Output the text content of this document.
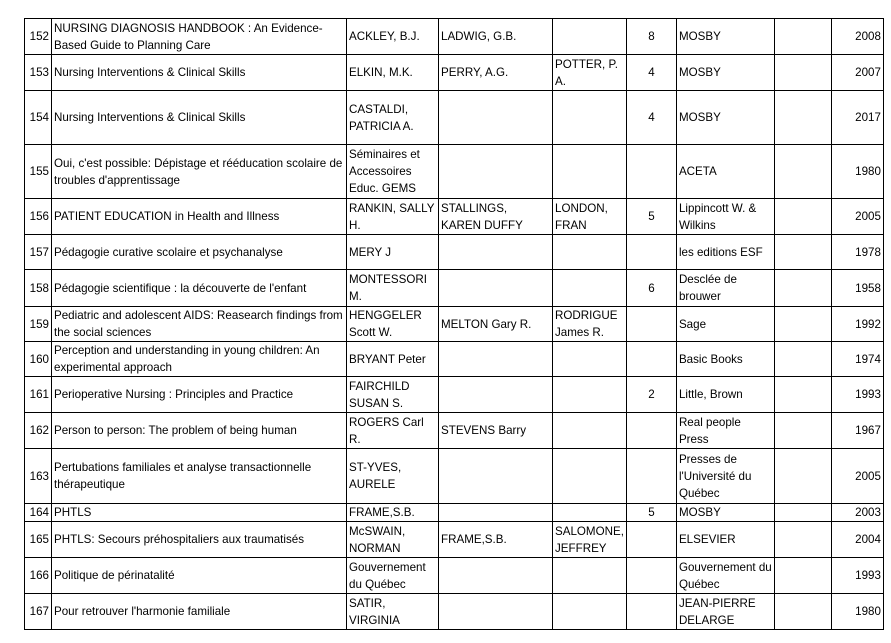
152	NURSING DIAGNOSIS HANDBOOK : An Evidence-Based Guide to Planning Care	ACKLEY, B.J.	LADWIG, G.B.		8	MOSBY		2008
153	Nursing Interventions & Clinical Skills	ELKIN, M.K.	PERRY, A.G.	POTTER, P. A.	4	MOSBY		2007
154	Nursing Interventions & Clinical Skills	CASTALDI, PATRICIA A.			4	MOSBY		2017
155	Oui, c'est possible: Dépistage et rééducation scolaire de troubles d'apprentissage	Séminaires et Accessoires Educ. GEMS				ACETA		1980
156	PATIENT EDUCATION in Health and Illness	RANKIN, SALLY H.	STALLINGS, KAREN DUFFY	LONDON, FRAN	5	Lippincott W. & Wilkins		2005
157	Pédagogie curative scolaire et psychanalyse	MERY J				les editions ESF		1978
158	Pédagogie scientifique : la découverte de l'enfant	MONTESSORI M.			6	Desclée de brouwer		1958
159	Pediatric and adolescent AIDS: Reasearch findings from the social sciences	HENGGELER Scott W.	MELTON Gary R.	RODRIGUE James R.		Sage		1992
160	Perception and understanding in young children: An experimental approach	BRYANT Peter				Basic Books		1974
161	Perioperative Nursing : Principles and Practice	FAIRCHILD SUSAN S.			2	Little, Brown		1993
162	Person to person: The problem of being human	ROGERS Carl R.	STEVENS Barry			Real people Press		1967
163	Pertubations familiales et analyse transactionnelle thérapeutique	ST-YVES, AURELE				Presses de l'Université du Québec		2005
164	PHTLS	FRAME,S.B.			5	MOSBY		2003
165	PHTLS: Secours préhospitaliers aux traumatisés	McSWAIN, NORMAN	FRAME,S.B.	SALOMONE, JEFFREY		ELSEVIER		2004
166	Politique de périnatalité	Gouvernement du Québec				Gouvernement du Québec		1993
167	Pour retrouver l'harmonie familiale	SATIR, VIRGINIA				JEAN-PIERRE DELARGE		1980
